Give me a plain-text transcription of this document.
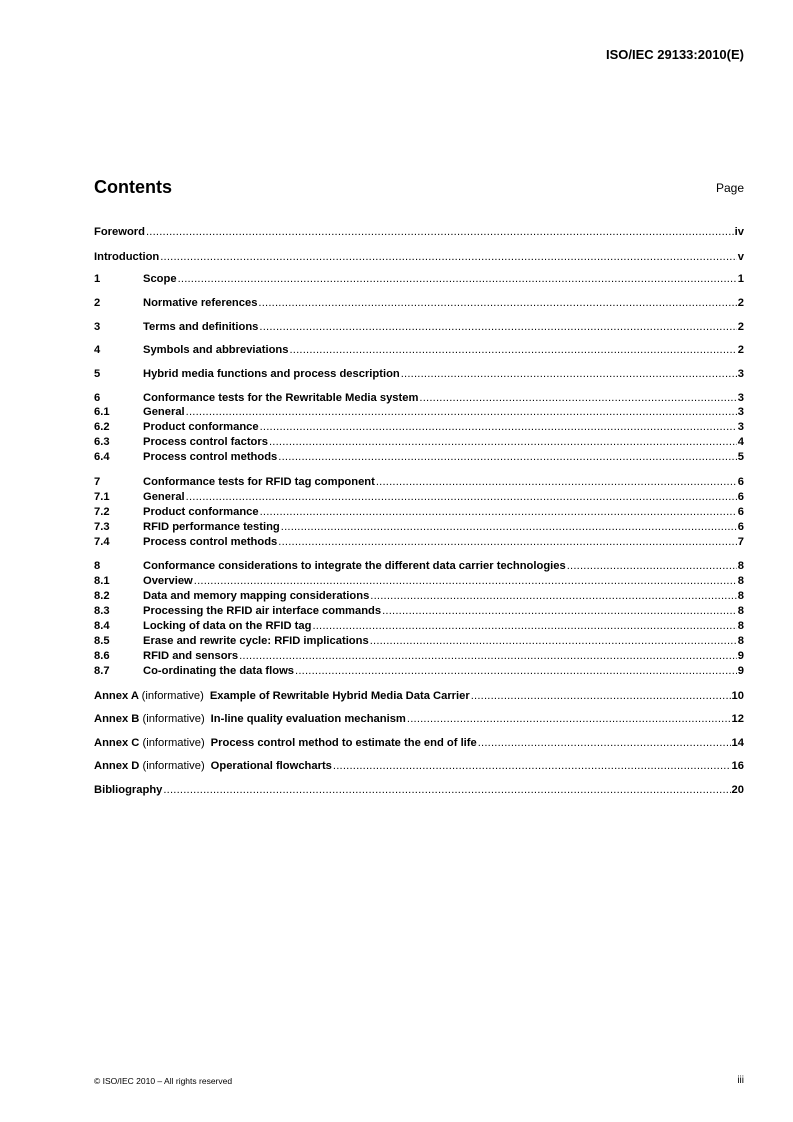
ISO/IEC 29133:2010(E)
Contents	Page
Foreword .....	iv
Introduction .....	v
1	Scope .....	1
2	Normative references .....	2
3	Terms and definitions .....	2
4	Symbols and abbreviations .....	2
5	Hybrid media functions and process description .....	3
6	Conformance tests for the Rewritable Media system .....	3
6.1	General .....	3
6.2	Product conformance .....	3
6.3	Process control factors .....	4
6.4	Process control methods .....	5
7	Conformance tests for RFID tag component .....	6
7.1	General .....	6
7.2	Product conformance .....	6
7.3	RFID performance testing .....	6
7.4	Process control methods .....	7
8	Conformance considerations to integrate the different data carrier technologies .....	8
8.1	Overview .....	8
8.2	Data and memory mapping considerations .....	8
8.3	Processing the RFID air interface commands .....	8
8.4	Locking of data on the RFID tag .....	8
8.5	Erase and rewrite cycle: RFID implications .....	8
8.6	RFID and sensors .....	9
8.7	Co-ordinating the data flows .....	9
Annex A (informative) Example of Rewritable Hybrid Media Data Carrier .....	10
Annex B (informative) In-line quality evaluation mechanism .....	12
Annex C (informative) Process control method to estimate the end of life .....	14
Annex D (informative) Operational flowcharts .....	16
Bibliography .....	20
© ISO/IEC 2010 – All rights reserved	iii
